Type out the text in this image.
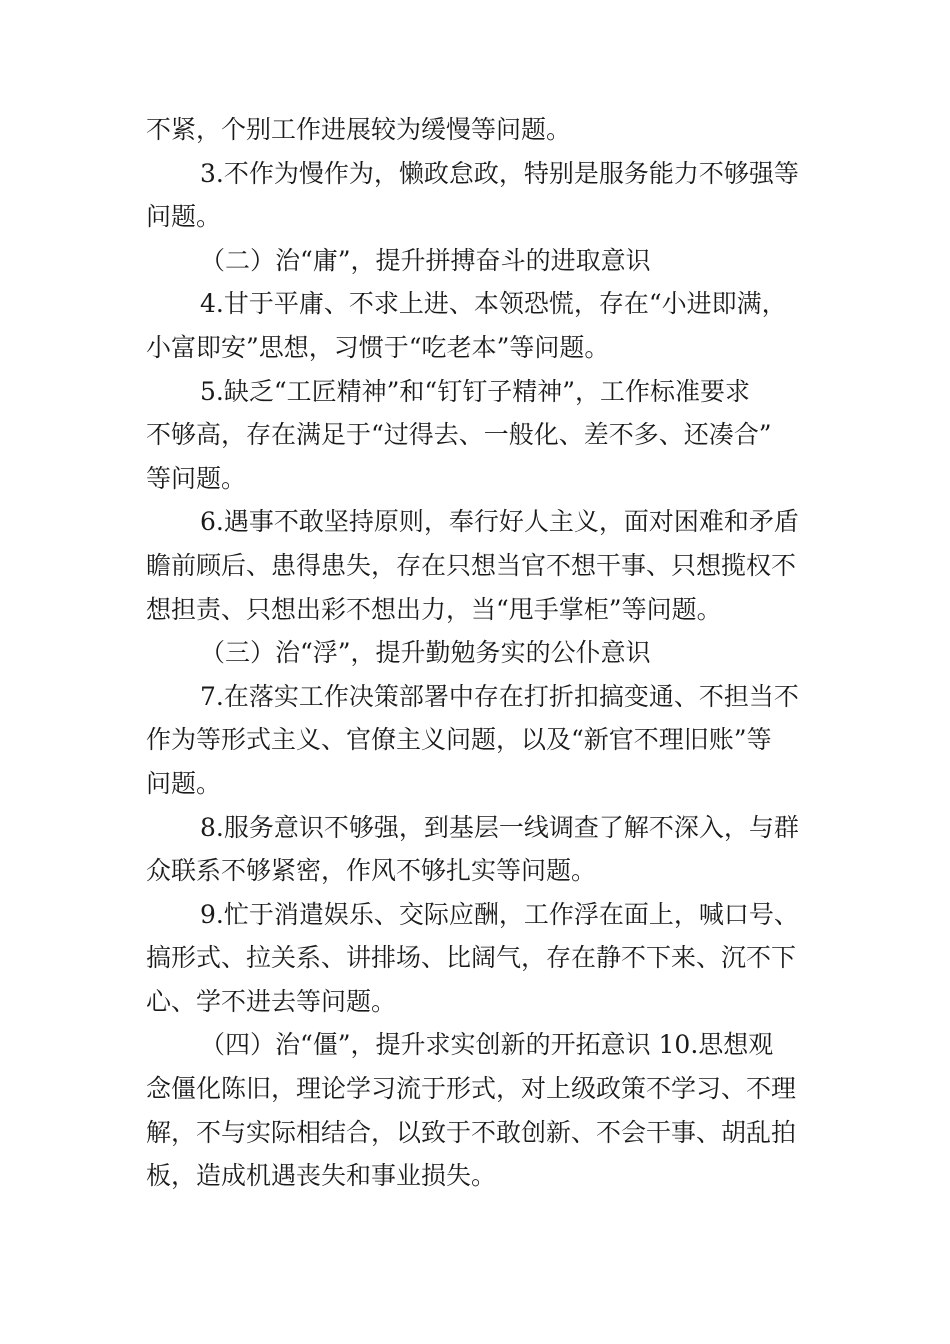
不紧，个别工作进展较为缓慢等问题。
3.不作为慢作为，懒政怠政，特别是服务能力不够强等
问题。
（二）治“庸”，提升拼搏奋斗的进取意识
4.甘于平庸、不求上进、本领恐慌，存在“小进即满，
小富即安”思想，习惯于“吃老本”等问题。
5.缺乏“工匠精神”和“钉钉子精神”，工作标准要求
不够高，存在满足于“过得去、一般化、差不多、还凑合”
等问题。
6.遇事不敢坚持原则，奉行好人主义，面对困难和矛盾
瞻前顾后、患得患失，存在只想当官不想干事、只想揽权不
想担责、只想出彩不想出力，当“甩手掌柜”等问题。
（三）治“浮”，提升勤勉务实的公仆意识
7.在落实工作决策部署中存在打折扣搞变通、不担当不
作为等形式主义、官僚主义问题，以及“新官不理旧账”等
问题。
8.服务意识不够强，到基层一线调查了解不深入，与群
众联系不够紧密，作风不够扎实等问题。
9.忙于消遣娱乐、交际应酬，工作浮在面上，喊口号、
搞形式、拉关系、讲排场、比阔气，存在静不下来、沉不下
心、学不进去等问题。
（四）治“僵”，提升求实创新的开拓意识 10.思想观
念僵化陈旧，理论学习流于形式，对上级政策不学习、不理
解，不与实际相结合，以致于不敢创新、不会干事、胡乱拍
板，造成机遇丧失和事业损失。
